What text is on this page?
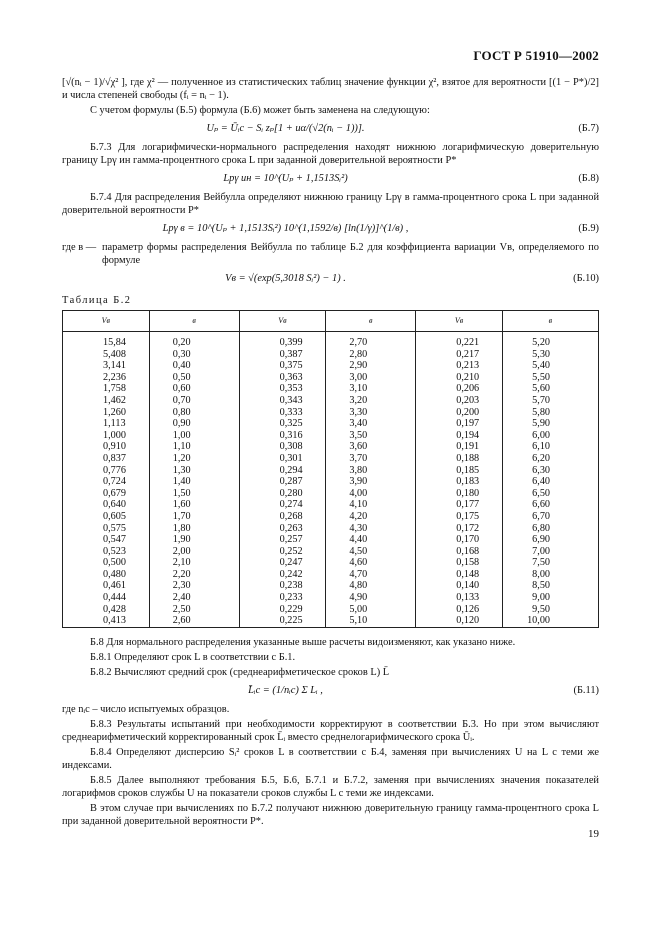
ГОСТ Р 51910—2002

[√(nᵢ − 1)/√χ² ], где χ² — полученное из статистических таблиц значение функции χ², взятое для вероятности [(1 − P*)/2] и числа степеней свободы (fᵢ = nᵢ − 1).

С учетом формулы (Б.5) формула (Б.6) может быть заменена на следующую:

Uₚ = Ūᵢc − Sᵢ zₚ[1 + uα/(√2(nᵢ − 1))].	(Б.7)

Б.7.3 Для логарифмически-нормального распределения находят нижнюю логарифмическую доверительную границу Lpγ ин гамма-процентного срока L при заданной доверительной вероятности P*

Lpγ ин = 10^(Uₚ + 1,1513Sᵢ²)	(Б.8)

Б.7.4 Для распределения Вейбулла определяют нижнюю границу Lpγ в гамма-процентного срока L при заданной доверительной вероятности P*

Lpγ в = 10^(Uₚ + 1,1513Sᵢ²) 10^(1,1592/в) [ln(1/γ)]^(1/в) ,	(Б.9)
где в — параметр формы распределения Вейбулла по таблице Б.2 для коэффициента вариации Vв, определяемого по формуле
Vв = √(exp(5,3018 Sᵢ²) − 1) .	(Б.10)
Таблица Б.2
Vв	в	Vв	в	Vв	в
15,84	0,20	0,399	2,70	0,221	5,20
5,408	0,30	0,387	2,80	0,217	5,30
3,141	0,40	0,375	2,90	0,213	5,40
2,236	0,50	0,363	3,00	0,210	5,50
1,758	0,60	0,353	3,10	0,206	5,60
1,462	0,70	0,343	3,20	0,203	5,70
1,260	0,80	0,333	3,30	0,200	5,80
1,113	0,90	0,325	3,40	0,197	5,90
1,000	1,00	0,316	3,50	0,194	6,00
0,910	1,10	0,308	3,60	0,191	6,10
0,837	1,20	0,301	3,70	0,188	6,20
0,776	1,30	0,294	3,80	0,185	6,30
0,724	1,40	0,287	3,90	0,183	6,40
0,679	1,50	0,280	4,00	0,180	6,50
0,640	1,60	0,274	4,10	0,177	6,60
0,605	1,70	0,268	4,20	0,175	6,70
0,575	1,80	0,263	4,30	0,172	6,80
0,547	1,90	0,257	4,40	0,170	6,90
0,523	2,00	0,252	4,50	0,168	7,00
0,500	2,10	0,247	4,60	0,158	7,50
0,480	2,20	0,242	4,70	0,148	8,00
0,461	2,30	0,238	4,80	0,140	8,50
0,444	2,40	0,233	4,90	0,133	9,00
0,428	2,50	0,229	5,00	0,126	9,50
0,413	2,60	0,225	5,10	0,120	10,00

Б.8 Для нормального распределения указанные выше расчеты видоизменяют, как указано ниже.

Б.8.1 Определяют срок L в соответствии с Б.1.

Б.8.2 Вычисляют средний срок (среднеарифметическое сроков L) L̄

L̄ᵢc = (1/nᵢc) Σ Lᵢ ,	(Б.11)

где nᵢc – число испытуемых образцов.

Б.8.3 Результаты испытаний при необходимости корректируют в соответствии Б.3. Но при этом вычисляют среднеарифметический корректированный срок L̄ᵢ вместо среднелогарифмического срока Ūᵢ.

Б.8.4 Определяют дисперсию Sᵢ² сроков L в соответствии с Б.4, заменяя при вычислениях U на L с теми же индексами.

Б.8.5 Далее выполняют требования Б.5, Б.6, Б.7.1 и Б.7.2, заменяя при вычислениях значения показателей логарифмов сроков службы U на показатели сроков службы L с теми же индексами.

В этом случае при вычислениях по Б.7.2 получают нижнюю доверительную границу гамма-процентного срока L при заданной доверительной вероятности P*.

19
